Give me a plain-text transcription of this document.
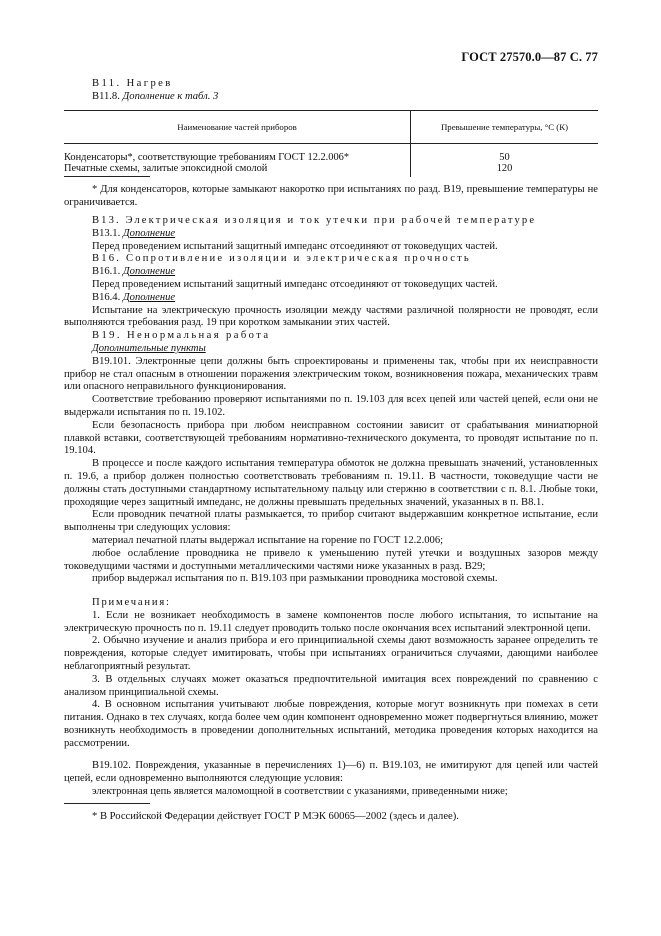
ГОСТ 27570.0—87 С. 77

В11. Нагрев

В11.8. Дополнение к табл. 3

Наименование частей приборов	Превышение температуры, °С (К)

Конденсаторы*, соответствующие требованиям ГОСТ 12.2.006*	50
Печатные схемы, залитые эпоксидной смолой	120

* Для конденсаторов, которые замыкают накоротко при испытаниях по разд. В19, превышение температуры не ограничивается.

В13. Электрическая изоляция и ток утечки при рабочей температуре

В13.1. Дополнение

Перед проведением испытаний защитный импеданс отсоединяют от токоведущих частей.

В16. Сопротивление изоляции и электрическая прочность

В16.1. Дополнение

Перед проведением испытаний защитный импеданс отсоединяют от токоведущих частей.

В16.4. Дополнение

Испытание на электрическую прочность изоляции между частями различной полярности не проводят, если выполняются требования разд. 19 при коротком замыкании этих частей.

В19. Ненормальная работа

Дополнительные пункты

В19.101. Электронные цепи должны быть спроектированы и применены так, чтобы при их неисправности прибор не стал опасным в отношении поражения электрическим током, возникновения пожара, механических травм или опасного неправильного функционирования.

Соответствие требованию проверяют испытаниями по п. 19.103 для всех цепей или частей цепей, если они не выдержали испытания по п. 19.102.

Если безопасность прибора при любом неисправном состоянии зависит от срабатывания миниатюрной плавкой вставки, соответствующей требованиям нормативно-технического документа, то проводят испытание по п. 19.104.

В процессе и после каждого испытания температура обмоток не должна превышать значений, установленных п. 19.6, а прибор должен полностью соответствовать требованиям п. 19.11. В частности, токоведущие части не должны стать доступными стандартному испытательному пальцу или стержню в соответствии с п. 8.1. Любые токи, проходящие через защитный импеданс, не должны превышать предельных значений, указанных в п. В8.1.

Если проводник печатной платы размыкается, то прибор считают выдержавшим конкретное испытание, если выполнены три следующих условия:

материал печатной платы выдержал испытание на горение по ГОСТ 12.2.006;

любое ослабление проводника не привело к уменьшению путей утечки и воздушных зазоров между токоведущими частями и доступными металлическими частями ниже указанных в разд. В29;

прибор выдержал испытания по п. В19.103 при размыкании проводника мостовой схемы.

Примечания:

1. Если не возникает необходимость в замене компонентов после любого испытания, то испытание на электрическую прочность по п. 19.11 следует проводить только после окончания всех испытаний электронной цепи.

2. Обычно изучение и анализ прибора и его принципиальной схемы дают возможность заранее определить те повреждения, которые следует имитировать, чтобы при испытаниях ограничиться случаями, дающими наиболее неблагоприятный результат.

3. В отдельных случаях может оказаться предпочтительной имитация всех повреждений по сравнению с анализом принципиальной схемы.

4. В основном испытания учитывают любые повреждения, которые могут возникнуть при помехах в сети питания. Однако в тех случаях, когда более чем один компонент одновременно может подвергнуться влиянию, может возникнуть необходимость в проведении дополнительных испытаний, методика проведения которых находится на рассмотрении.

В19.102. Повреждения, указанные в перечислениях 1)—6) п. В19.103, не имитируют для цепей или частей цепей, если одновременно выполняются следующие условия:

электронная цепь является маломощной в соответствии с указаниями, приведенными ниже;

* В Российской Федерации действует ГОСТ Р МЭК 60065—2002 (здесь и далее).
